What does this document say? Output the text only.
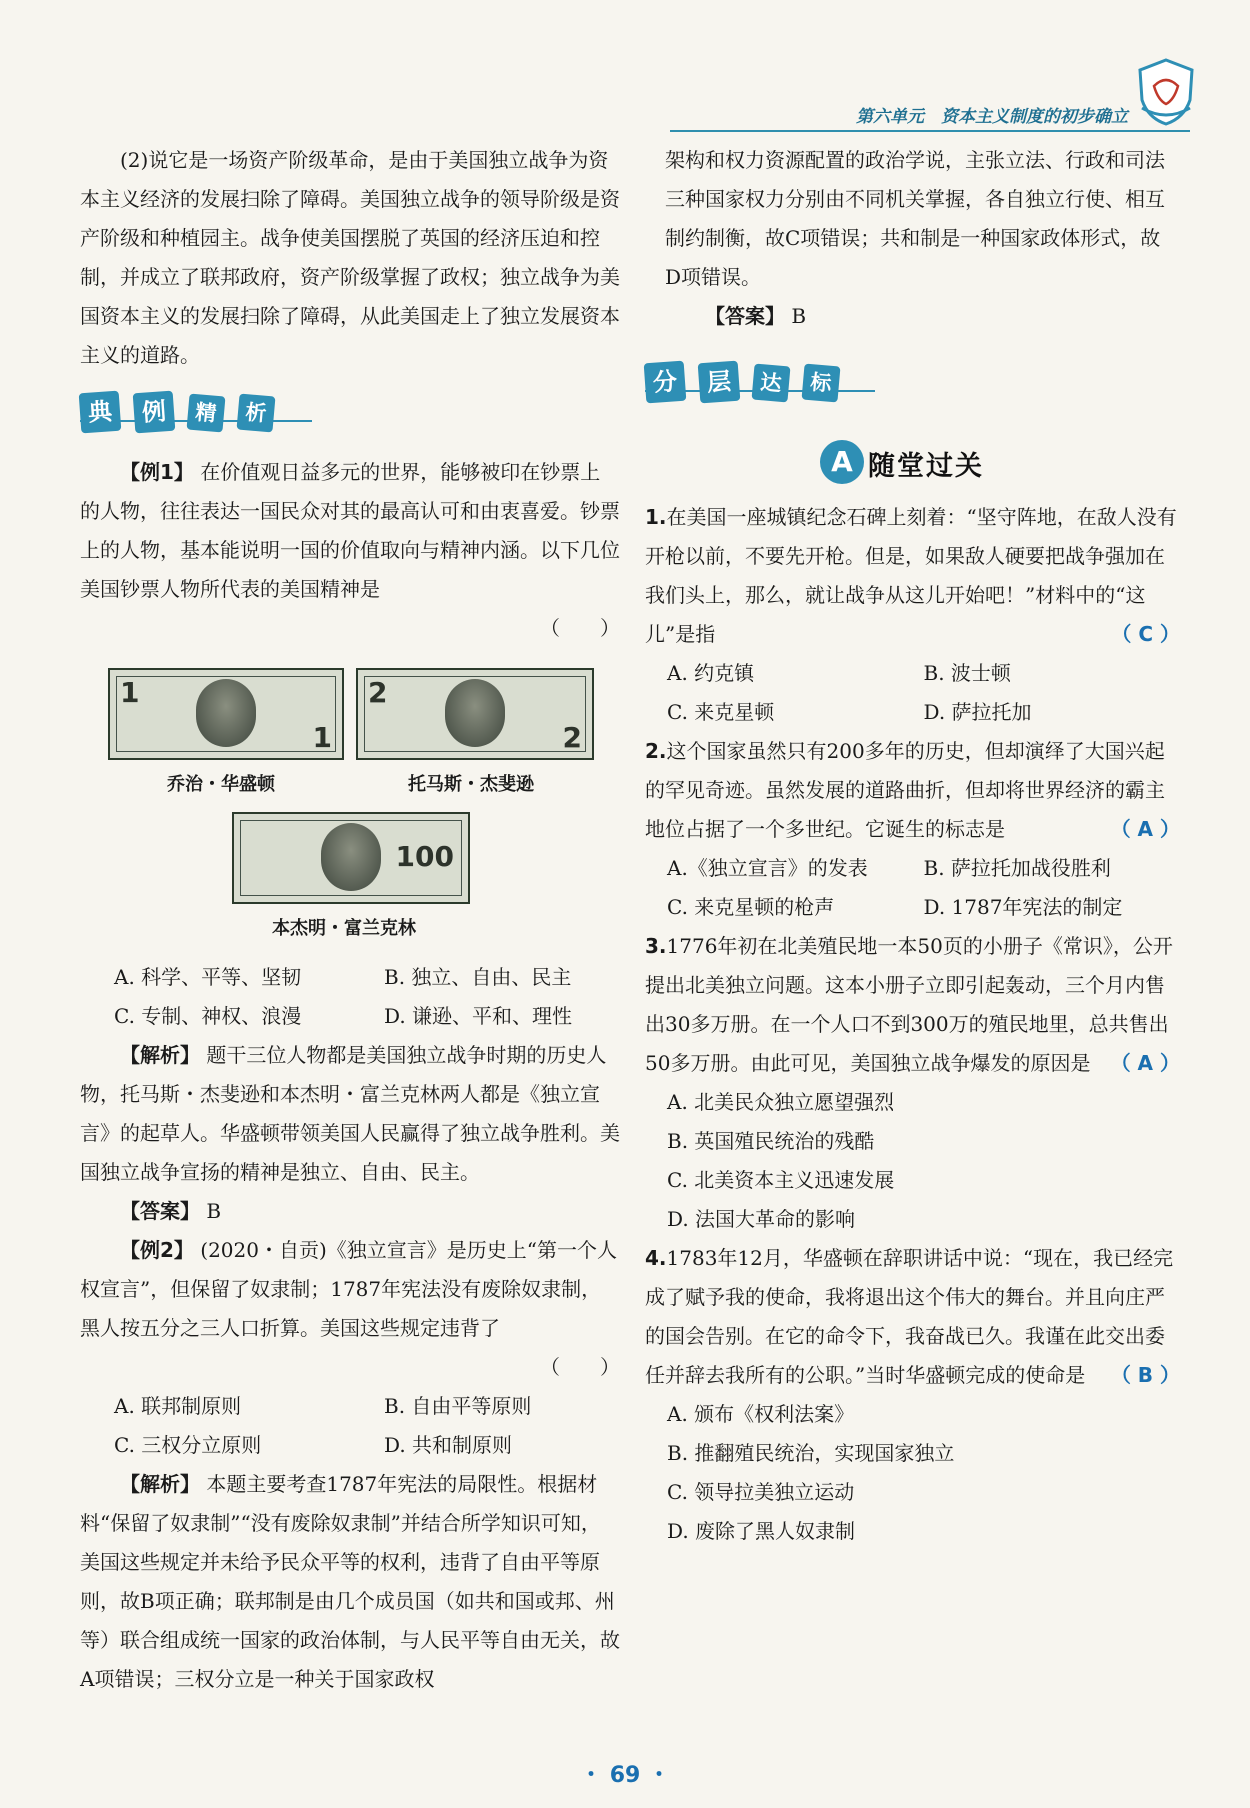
第六单元　资本主义制度的初步确立

(2)说它是一场资产阶级革命，是由于美国独立战争为资本主义经济的发展扫除了障碍。美国独立战争的领导阶级是资产阶级和种植园主。战争使美国摆脱了英国的经济压迫和控制，并成立了联邦政府，资产阶级掌握了政权；独立战争为美国资本主义的发展扫除了障碍，从此美国走上了独立发展资本主义的道路。

典 例 精 析

【例1】 在价值观日益多元的世界，能够被印在钞票上的人物，往往表达一国民众对其的最高认可和由衷喜爱。钞票上的人物，基本能说明一国的价值取向与精神内涵。以下几位美国钞票人物所代表的美国精神是

（　　）

1
1
2
2
100
乔治・华盛顿	托马斯・杰斐逊
本杰明・富兰克林
A. 科学、平等、坚韧	B. 独立、自由、民主
C. 专制、神权、浪漫	D. 谦逊、平和、理性

【解析】 题干三位人物都是美国独立战争时期的历史人物，托马斯・杰斐逊和本杰明・富兰克林两人都是《独立宣言》的起草人。华盛顿带领美国人民赢得了独立战争胜利。美国独立战争宣扬的精神是独立、自由、民主。

【答案】 B

【例2】 (2020・自贡)《独立宣言》是历史上“第一个人权宣言”，但保留了奴隶制；1787年宪法没有废除奴隶制，黑人按五分之三人口折算。美国这些规定违背了

（　　）

A. 联邦制原则	B. 自由平等原则
C. 三权分立原则	D. 共和制原则

【解析】 本题主要考查1787年宪法的局限性。根据材料“保留了奴隶制”“没有废除奴隶制”并结合所学知识可知，美国这些规定并未给予民众平等的权利，违背了自由平等原则，故B项正确；联邦制是由几个成员国（如共和国或邦、州等）联合组成统一国家的政治体制，与人民平等自由无关，故A项错误；三权分立是一种关于国家政权

架构和权力资源配置的政治学说，主张立法、行政和司法三种国家权力分别由不同机关掌握，各自独立行使、相互制约制衡，故C项错误；共和制是一种国家政体形式，故D项错误。

【答案】 B

分 层 达 标
A 随堂过关

1.在美国一座城镇纪念石碑上刻着：“坚守阵地，在敌人没有开枪以前，不要先开枪。但是，如果敌人硬要把战争强加在我们头上，那么，就让战争从这儿开始吧！”材料中的“这儿”是指	（ C ）

A. 约克镇	B. 波士顿
C. 来克星顿	D. 萨拉托加

2.这个国家虽然只有200多年的历史，但却演绎了大国兴起的罕见奇迹。虽然发展的道路曲折，但却将世界经济的霸主地位占据了一个多世纪。它诞生的标志是	（ A ）

A.《独立宣言》的发表	B. 萨拉托加战役胜利
C. 来克星顿的枪声	D. 1787年宪法的制定

3.1776年初在北美殖民地一本50页的小册子《常识》，公开提出北美独立问题。这本小册子立即引起轰动，三个月内售出30多万册。在一个人口不到300万的殖民地里，总共售出50多万册。由此可见，美国独立战争爆发的原因是 （ A ）

A. 北美民众独立愿望强烈
B. 英国殖民统治的残酷
C. 北美资本主义迅速发展
D. 法国大革命的影响

4.1783年12月，华盛顿在辞职讲话中说：“现在，我已经完成了赋予我的使命，我将退出这个伟大的舞台。并且向庄严的国会告别。在它的命令下，我奋战已久。我谨在此交出委任并辞去我所有的公职。”当时华盛顿完成的使命是 （ B ）

A. 颁布《权利法案》
B. 推翻殖民统治，实现国家独立
C. 领导拉美独立运动
D. 废除了黑人奴隶制
・ 69 ・
